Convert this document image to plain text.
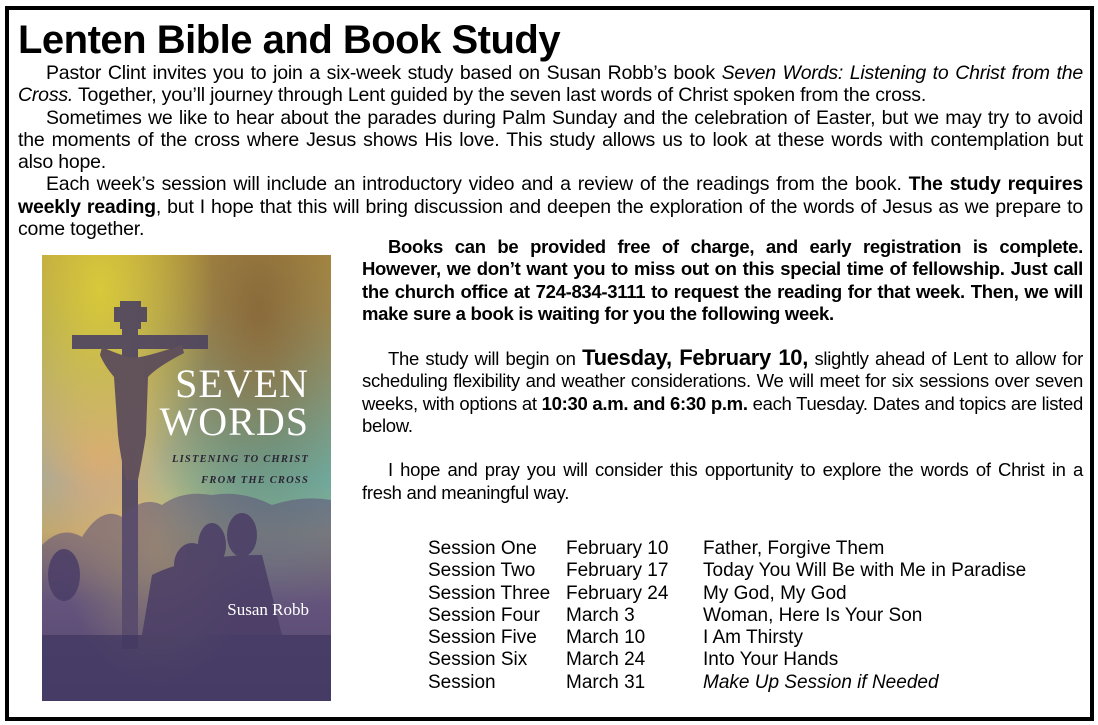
Lenten Bible and Book Study

Pastor Clint invites you to join a six-week study based on Susan Robb’s book Seven Words: Listening to Christ from the Cross. Together, you’ll journey through Lent guided by the seven last words of Christ spoken from the cross.

Sometimes we like to hear about the parades during Palm Sunday and the celebration of Easter, but we may try to avoid the moments of the cross where Jesus shows His love. This study allows us to look at these words with contemplation but also hope.

Each week’s session will include an introductory video and a review of the readings from the book. The study requires weekly reading, but I hope that this will bring discussion and deepen the exploration of the words of Jesus as we prepare to come together.

SEVEN
WORDS
LISTENING TO CHRIST
FROM THE CROSS
Susan Robb

Books can be provided free of charge, and early registration is complete. However, we don’t want you to miss out on this special time of fellowship. Just call the church office at 724-834-3111 to request the reading for that week. Then, we will make sure a book is waiting for you the following week.

The study will begin on Tuesday, February 10, slightly ahead of Lent to allow for scheduling flexibility and weather considerations. We will meet for six sessions over seven weeks, with options at 10:30 a.m. and 6:30 p.m. each Tuesday. Dates and topics are listed below.

I hope and pray you will consider this opportunity to explore the words of Christ in a fresh and meaningful way.

Session One	February 10	Father, Forgive Them
Session Two	February 17	Today You Will Be with Me in Paradise
Session Three	February 24	My God, My God
Session Four	March 3	Woman, Here Is Your Son
Session Five	March 10	I Am Thirsty
Session Six	March 24	Into Your Hands
Session	March 31	Make Up Session if Needed
